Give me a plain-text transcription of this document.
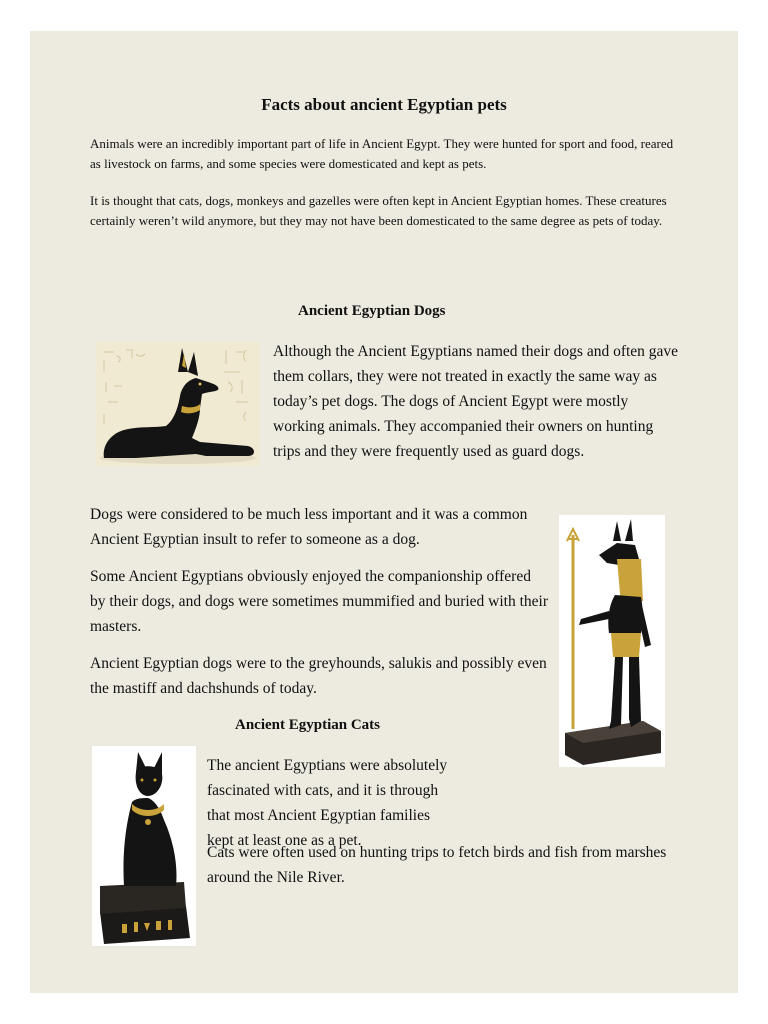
Facts about ancient Egyptian pets

Animals were an incredibly important part of life in Ancient Egypt. They were hunted for sport and food, reared as livestock on farms, and some species were domesticated and kept as pets.

It is thought that cats, dogs, monkeys and gazelles were often kept in Ancient Egyptian homes. These creatures certainly weren’t wild anymore, but they may not have been domesticated to the same degree as pets of today.

Ancient Egyptian Dogs

Although the Ancient Egyptians named their dogs and often gave them collars, they were not treated in exactly the same way as today’s pet dogs. The dogs of Ancient Egypt were mostly working animals. They accompanied their owners on hunting trips and they were frequently used as guard dogs.

Dogs were considered to be much less important and it was a common Ancient Egyptian insult to refer to someone as a dog.

Some Ancient Egyptians obviously enjoyed the companionship offered by their dogs, and dogs were sometimes mummified and buried with their masters.

Ancient Egyptian dogs were to the greyhounds, salukis and possibly even the mastiff and dachshunds of today.

Ancient Egyptian Cats

The ancient Egyptians were absolutely fascinated with cats, and it is through that most Ancient Egyptian families kept at least one as a pet.

Cats were often used on hunting trips to fetch birds and fish from marshes around the Nile River.
